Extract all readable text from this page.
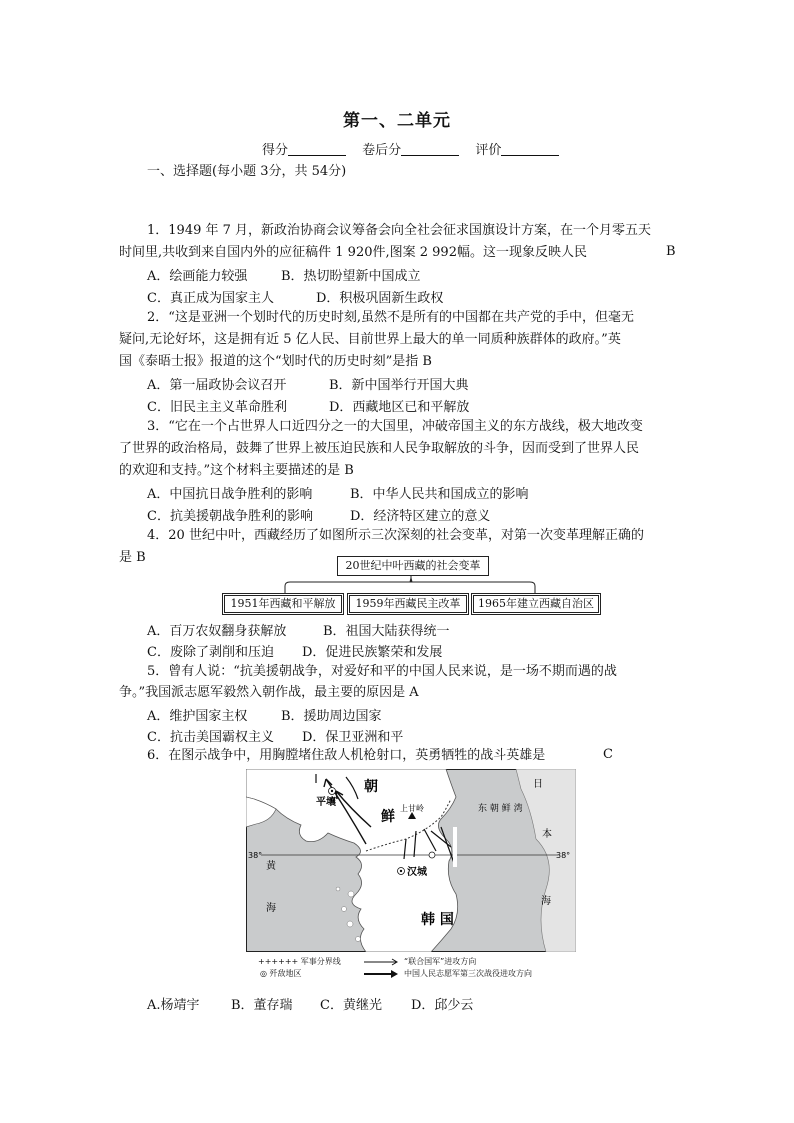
第一、二单元
得分	卷后分	评价
一、选择题(每小题 3分，共 54分)
1．1949 年 7 月，新政治协商会议筹备会向全社会征求国旗设计方案，在一个月零五天
时间里,共收到来自国内外的应征稿件 1 920件,图案 2 992幅。这一现象反映人民	B
A．绘画能力较强	B．热切盼望新中国成立
C．真正成为国家主人	D．积极巩固新生政权
2．“这是亚洲一个划时代的历史时刻,虽然不是所有的中国都在共产党的手中，但毫无
疑问,无论好坏，这是拥有近 5 亿人民、目前世界上最大的单一同质种族群体的政府。”英
国《泰晤士报》报道的这个“划时代的历史时刻”是指 B
A．第一届政协会议召开	B．新中国举行开国大典
C．旧民主主义革命胜利	D．西藏地区已和平解放
3．“它在一个占世界人口近四分之一的大国里，冲破帝国主义的东方战线，极大地改变
了世界的政治格局，鼓舞了世界上被压迫民族和人民争取解放的斗争，因而受到了世界人民
的欢迎和支持。”这个材料主要描述的是 B
A．中国抗日战争胜利的影响	B．中华人民共和国成立的影响
C．抗美援朝战争胜利的影响	D．经济特区建立的意义
4．20 世纪中叶，西藏经历了如图所示三次深刻的社会变革，对第一次变革理解正确的
是 B
20世纪中叶西藏的社会变革
1951年西藏和平解放	1959年西藏民主改革	1965年建立西藏自治区
A．百万农奴翻身获解放	B．祖国大陆获得统一
C．废除了剥削和压迫 D．促进民族繁荣和发展
5．曾有人说：“抗美援朝战争，对爱好和平的中国人民来说，是一场不期而遇的战
争。”我国派志愿军毅然入朝作战，最主要的原因是 A
A．维护国家主权	B．援助周边国家
C．抗击美国霸权主义 D．保卫亚洲和平
6．在图示战争中，用胸膛堵住敌人机枪射口，英勇牺牲的战斗英雄是	C
朝
鲜
平壤
上甘岭
汉城
韩 国
日
本
东 朝 鲜 湾
黄
海
海
38°	38°
++++++ 军事分界线	“联合国军”进攻方向
◎ 歼敌地区	中国人民志愿军第三次战役进攻方向
A.杨靖宇 B．董存瑞 C．黄继光 D．邱少云
